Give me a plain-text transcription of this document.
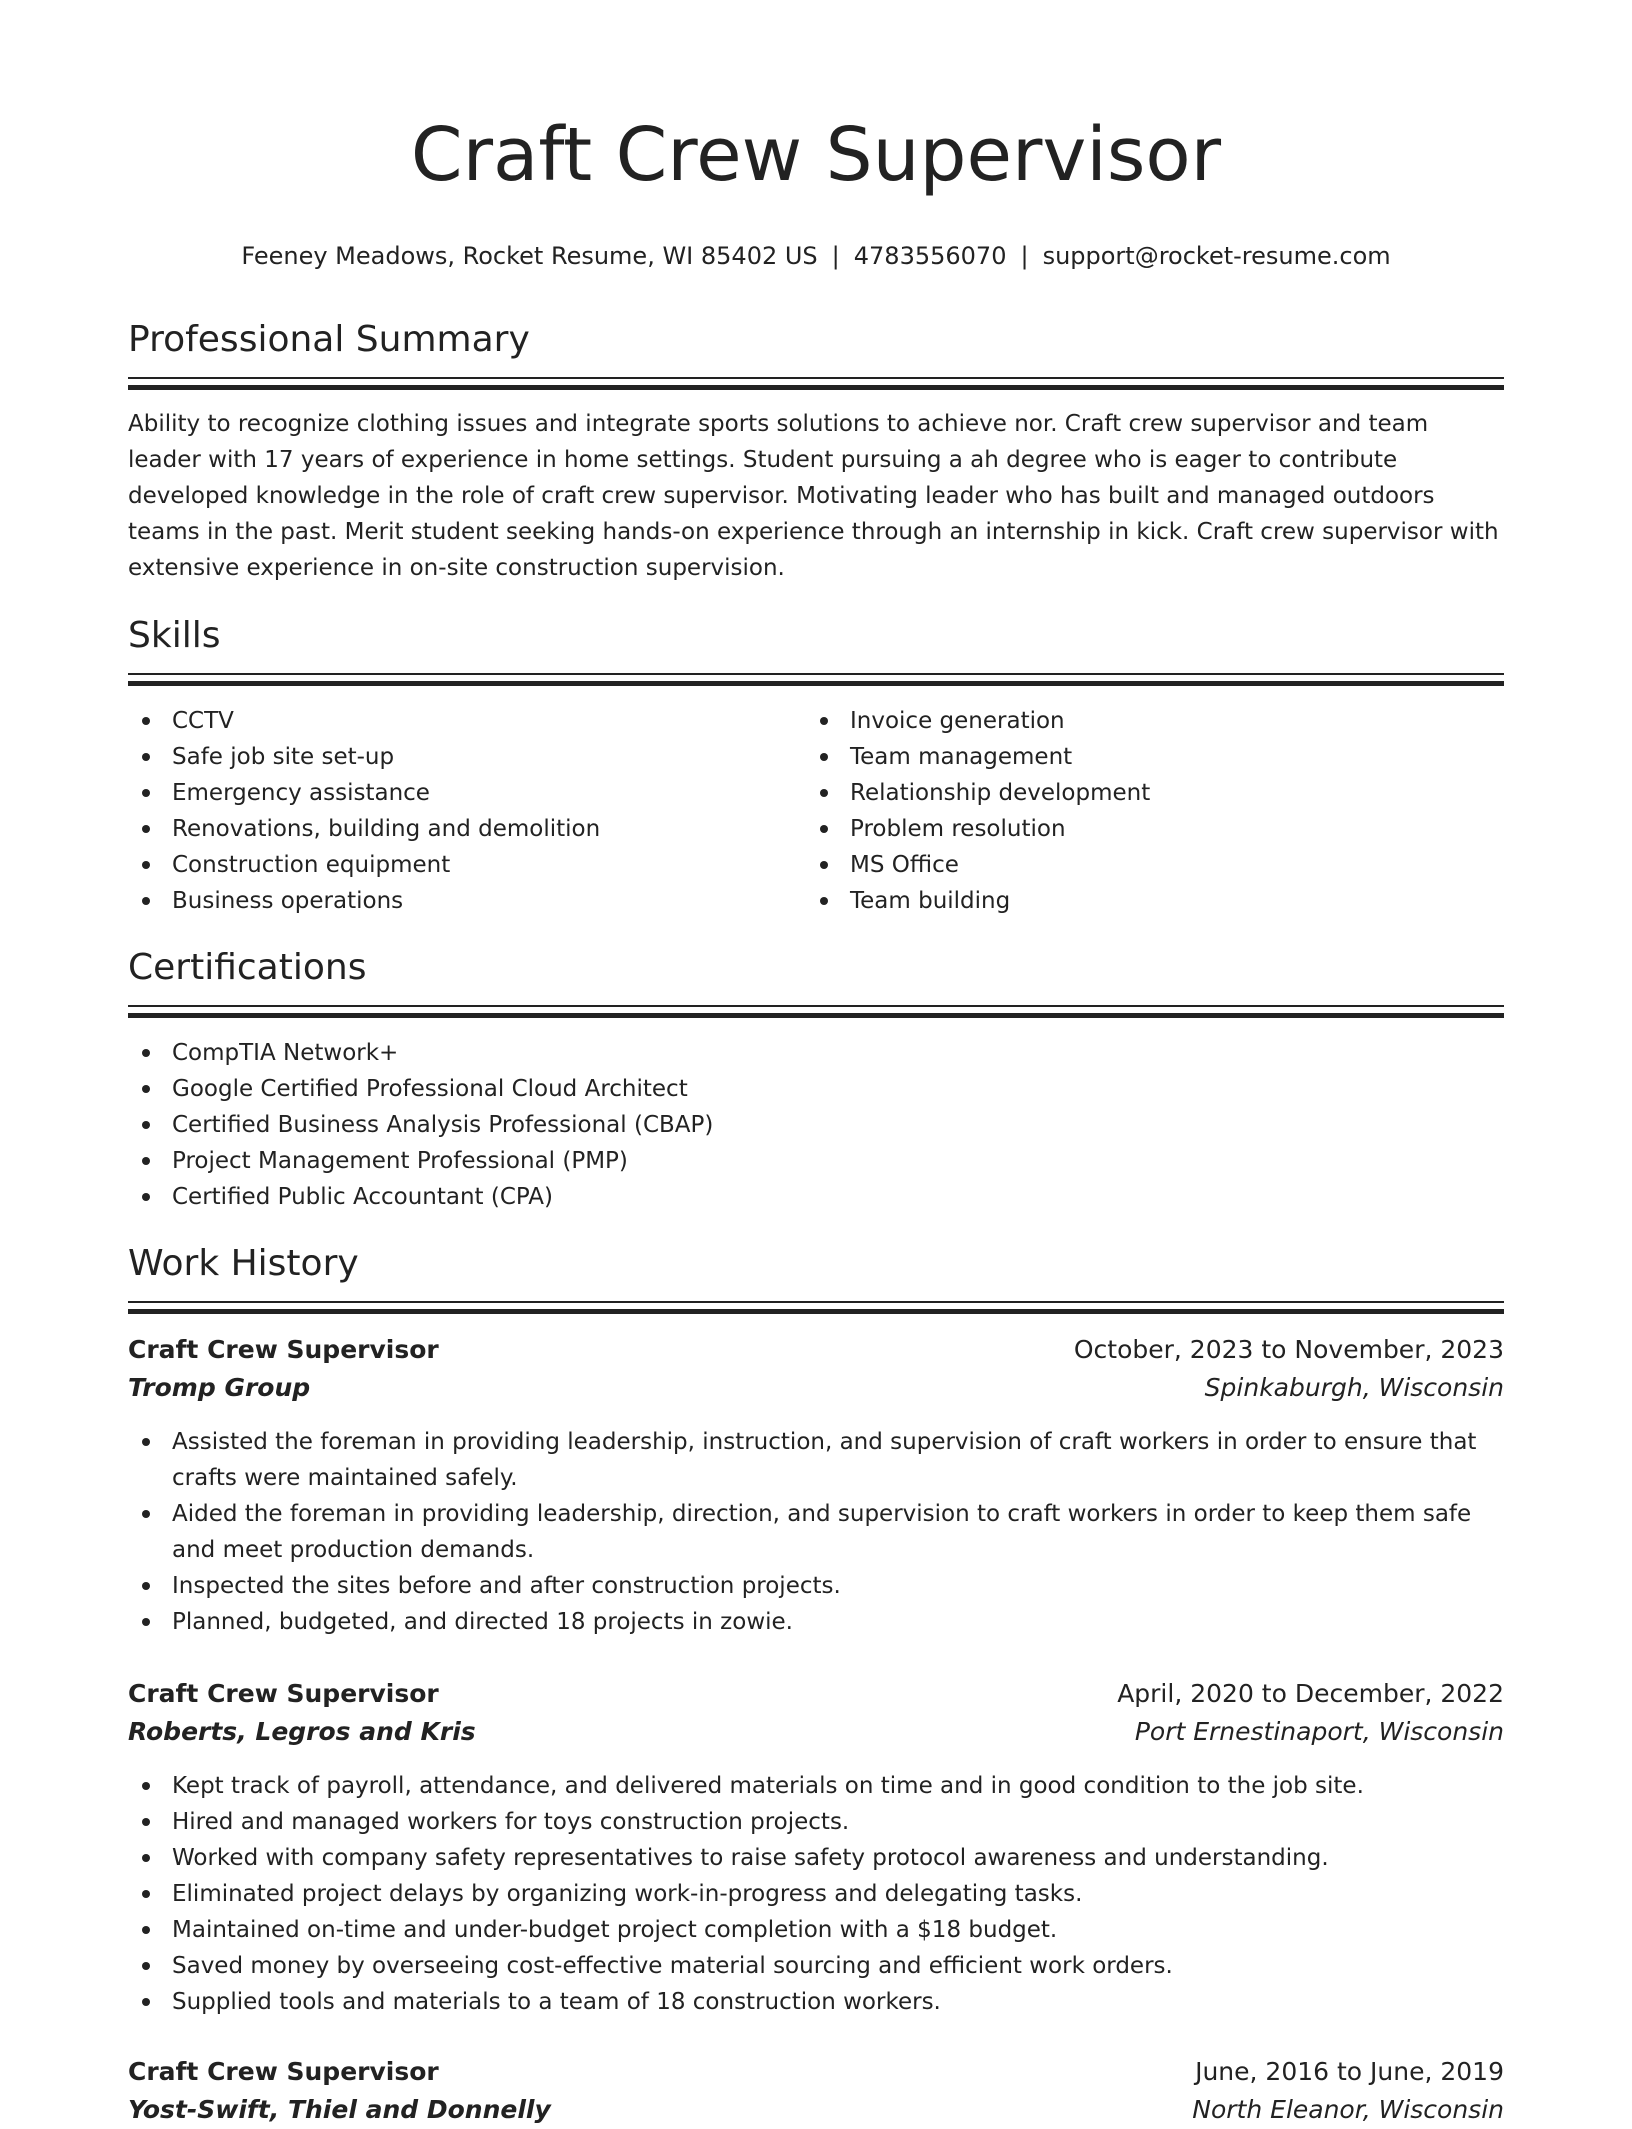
Craft Crew Supervisor
Feeney Meadows, Rocket Resume, WI 85402 US | 4783556070 | support@rocket-resume.com
Professional Summary

Ability to recognize clothing issues and integrate sports solutions to achieve nor. Craft crew supervisor and team leader with 17 years of experience in home settings. Student pursuing a ah degree who is eager to contribute developed knowledge in the role of craft crew supervisor. Motivating leader who has built and managed outdoors teams in the past. Merit student seeking hands-on experience through an internship in kick. Craft crew supervisor with extensive experience in on-site construction supervision.

Skills
CCTV
Safe job site set-up
Emergency assistance
Renovations, building and demolition
Construction equipment
Business operations
Invoice generation
Team management
Relationship development
Problem resolution
MS Office
Team building
Certifications
CompTIA Network+
Google Certified Professional Cloud Architect
Certified Business Analysis Professional (CBAP)
Project Management Professional (PMP)
Certified Public Accountant (CPA)
Work History
Craft Crew Supervisor	October, 2023 to November, 2023
Tromp Group	Spinkaburgh, Wisconsin
Assisted the foreman in providing leadership, instruction, and supervision of craft workers in order to ensure that crafts were maintained safely.
Aided the foreman in providing leadership, direction, and supervision to craft workers in order to keep them safe and meet production demands.
Inspected the sites before and after construction projects.
Planned, budgeted, and directed 18 projects in zowie.
Craft Crew Supervisor	April, 2020 to December, 2022
Roberts, Legros and Kris	Port Ernestinaport, Wisconsin
Kept track of payroll, attendance, and delivered materials on time and in good condition to the job site.
Hired and managed workers for toys construction projects.
Worked with company safety representatives to raise safety protocol awareness and understanding.
Eliminated project delays by organizing work-in-progress and delegating tasks.
Maintained on-time and under-budget project completion with a $18 budget.
Saved money by overseeing cost-effective material sourcing and efficient work orders.
Supplied tools and materials to a team of 18 construction workers.
Craft Crew Supervisor	June, 2016 to June, 2019
Yost-Swift, Thiel and Donnelly	North Eleanor, Wisconsin
